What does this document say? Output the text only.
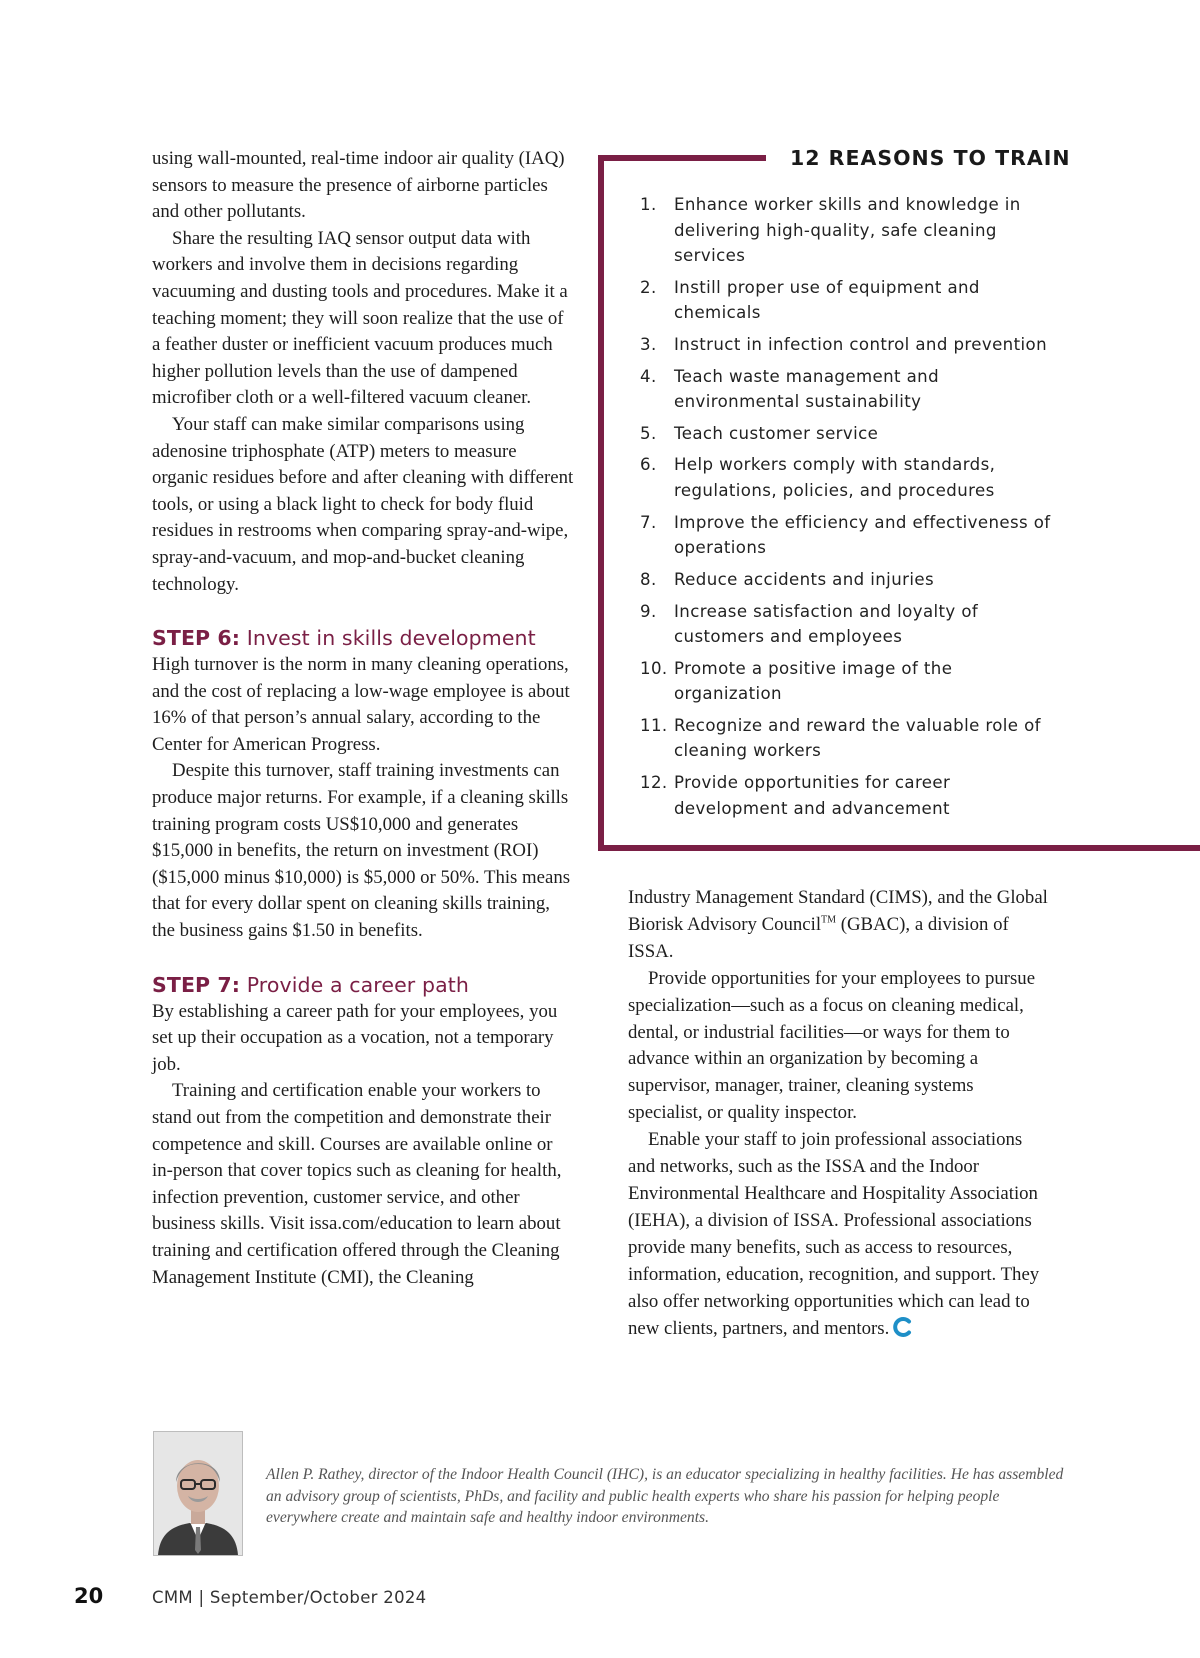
using wall-mounted, real-time indoor air quality (IAQ) sensors to measure the presence of airborne particles and other pollutants.

Share the resulting IAQ sensor output data with workers and involve them in decisions regarding vacuuming and dusting tools and procedures. Make it a teaching moment; they will soon realize that the use of a feather duster or inefficient vacuum produces much higher pollution levels than the use of dampened microfiber cloth or a well-filtered vacuum cleaner.

Your staff can make similar comparisons using adenosine triphosphate (ATP) meters to measure organic residues before and after cleaning with different tools, or using a black light to check for body fluid residues in restrooms when comparing spray-and-wipe, spray-and-vacuum, and mop-and-bucket cleaning technology.

STEP 6: Invest in skills development

High turnover is the norm in many cleaning operations, and the cost of replacing a low-wage employee is about 16% of that person’s annual salary, according to the Center for American Progress.

Despite this turnover, staff training investments can produce major returns. For example, if a cleaning skills training program costs US$10,000 and generates $15,000 in benefits, the return on investment (ROI) ($15,000 minus $10,000) is $5,000 or 50%. This means that for every dollar spent on cleaning skills training, the business gains $1.50 in benefits.

STEP 7: Provide a career path

By establishing a career path for your employees, you set up their occupation as a vocation, not a temporary job.

Training and certification enable your workers to stand out from the competition and demonstrate their competence and skill. Courses are available online or in-person that cover topics such as cleaning for health, infection prevention, customer service, and other business skills. Visit issa.com/education to learn about training and certification offered through the Cleaning Management Institute (CMI), the Cleaning

12 REASONS TO TRAIN
1.	Enhance worker skills and knowledge in delivering high-quality, safe cleaning services
2.	Instill proper use of equipment and chemicals
3.	Instruct in infection control and prevention
4.	Teach waste management and environmental sustainability
5.	Teach customer service
6.	Help workers comply with standards, regulations, policies, and procedures
7.	Improve the efficiency and effectiveness of operations
8.	Reduce accidents and injuries
9.	Increase satisfaction and loyalty of customers and employees
10. Promote a positive image of the organization
11. Recognize and reward the valuable role of cleaning workers
12. Provide opportunities for career development and advancement

Industry Management Standard (CIMS), and the Global Biorisk Advisory Council™ (GBAC), a division of ISSA.

Provide opportunities for your employees to pursue specialization—such as a focus on cleaning medical, dental, or industrial facilities—or ways for them to advance within an organization by becoming a supervisor, manager, trainer, cleaning systems specialist, or quality inspector.

Enable your staff to join professional associations and networks, such as the ISSA and the Indoor Environmental Healthcare and Hospitality Association (IEHA), a division of ISSA. Professional associations provide many benefits, such as access to resources, information, education, recognition, and support. They also offer networking opportunities which can lead to new clients, partners, and mentors.

Allen P. Rathey, director of the Indoor Health Council (IHC), is an educator specializing in healthy facilities. He has assembled an advisory group of scientists, PhDs, and facility and public health experts who share his passion for helping people everywhere create and maintain safe and healthy indoor environments.

20	CMM | September/October 2024
